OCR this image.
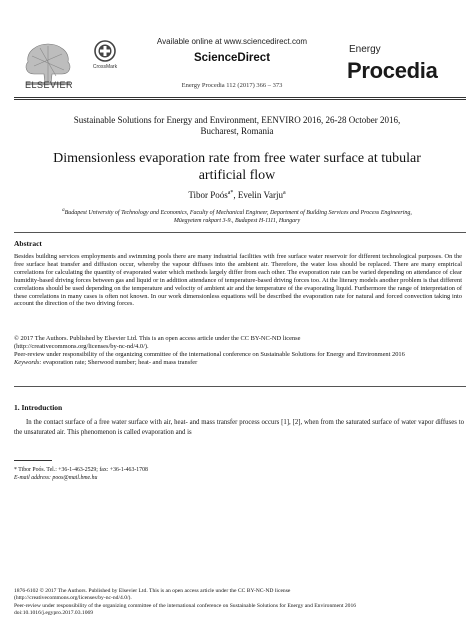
ELSEVIER
CrossMark
Available online at www.sciencedirect.com
ScienceDirect
Energy Procedia 112 (2017) 366 – 373
Energy
Procedia
Sustainable Solutions for Energy and Environment, EENVIRO 2016, 26-28 October 2016,
Bucharest, Romania
Dimensionless evaporation rate from free water surface at tubular
artificial flow
Tibor Poós$^{a*}$, Evelin Varju$^a$
$^a$Budapest University of Technology and Economics, Faculty of Mechanical Engineer, Department of Building Services and Process Engineering,
Müegyetem rakpart 3-9., Budapest H-1111, Hungary
Abstract
Besides building services employments and swimming pools there are many industrial facilities with free surface water reservoir for different technological purposes. On the free surface heat transfer and diffusion occur, whereby the vapour diffuses into the ambient air. Therefore, the water loss should be replaced. There are many empirical correlations for calculating the quantity of evaporated water which methods largely differ from each other. The evaporation rate can be varied depending on attendance of clear humidity-based driving forces between gas and liquid or in addition attendance of temperature-based driving forces too. At the literary models another problem is that different correlations should be used depending on the temperature and velocity of ambient air and the temperature of the evaporating liquid. Furthermore the range of interpretation of these correlations in many cases is often not known. In our work dimensionless equations will be described the evaporation rate for natural and forced convection taking into account the direction of the two driving forces.
© 2017 The Authors. Published by Elsevier Ltd. This is an open access article under the CC BY-NC-ND license
(http://creativecommons.org/licenses/by-nc-nd/4.0/).
Peer-review under responsibility of the organizing committee of the international conference on Sustainable Solutions for Energy and Environment 2016
Keywords: evaporation rate; Sherwood number; heat- and mass transfer
1. Introduction
In the contact surface of a free water surface with air, heat- and mass transfer process occurs [1], [2], when from the saturated surface of water vapor diffuses to the unsaturated air. This phenomenon is called evaporation and is
* Tibor Poós. Tel.: +36-1-463-2529; fax: +36-1-463-1708
E-mail address: poos@mail.bme.hu
1876-6102 © 2017 The Authors. Published by Elsevier Ltd. This is an open access article under the CC BY-NC-ND license
(http://creativecommons.org/licenses/by-nc-nd/4.0/).
Peer-review under responsibility of the organizing committee of the international conference on Sustainable Solutions for Energy and Environment 2016
doi:10.1016/j.egypro.2017.03.1069
